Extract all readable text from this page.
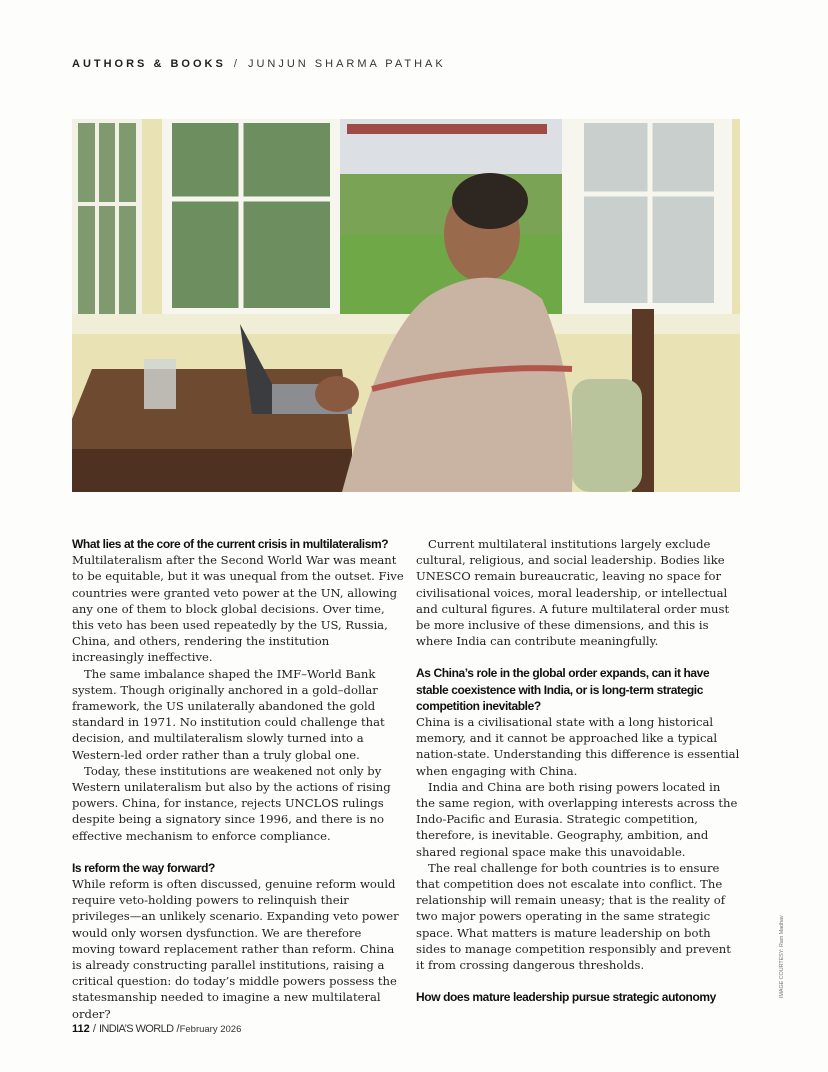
AUTHORS & BOOKS / JUNJUN SHARMA PATHAK

What lies at the core of the current crisis in multilateralism?

Multilateralism after the Second World War was meant to be equitable, but it was unequal from the outset. Five countries were granted veto power at the UN, allowing any one of them to block global decisions. Over time, this veto has been used repeatedly by the US, Russia, China, and others, rendering the institution increasingly ineffective.

The same imbalance shaped the IMF–World Bank system. Though originally anchored in a gold–dollar framework, the US unilaterally abandoned the gold standard in 1971. No institution could challenge that decision, and multilateralism slowly turned into a Western-led order rather than a truly global one.

Today, these institutions are weakened not only by Western unilateralism but also by the actions of rising powers. China, for instance, rejects UNCLOS rulings despite being a signatory since 1996, and there is no effective mechanism to enforce compliance.

Is reform the way forward?

While reform is often discussed, genuine reform would require veto-holding powers to relinquish their privileges—an unlikely scenario. Expanding veto power would only worsen dysfunction. We are therefore moving toward replacement rather than reform. China is already constructing parallel institutions, raising a critical question: do today’s middle powers possess the statesmanship needed to imagine a new multilateral order?

Current multilateral institutions largely exclude cultural, religious, and social leadership. Bodies like UNESCO remain bureaucratic, leaving no space for civilisational voices, moral leadership, or intellectual and cultural figures. A future multilateral order must be more inclusive of these dimensions, and this is where India can contribute meaningfully.

As China’s role in the global order expands, can it have stable coexistence with India, or is long-term strategic competition inevitable?

China is a civilisational state with a long historical memory, and it cannot be approached like a typical nation-state. Understanding this difference is essential when engaging with China.

India and China are both rising powers located in the same region, with overlapping interests across the Indo-Pacific and Eurasia. Strategic competition, therefore, is inevitable. Geography, ambition, and shared regional space make this unavoidable.

The real challenge for both countries is to ensure that competition does not escalate into conflict. The relationship will remain uneasy; that is the reality of two major powers operating in the same strategic space. What matters is mature leadership on both sides to manage competition responsibly and prevent it from crossing dangerous thresholds.

How does mature leadership pursue strategic autonomy	IMAGE COURTESY: Ram Madhav
112 / INDIA’S WORLD /February 2026
